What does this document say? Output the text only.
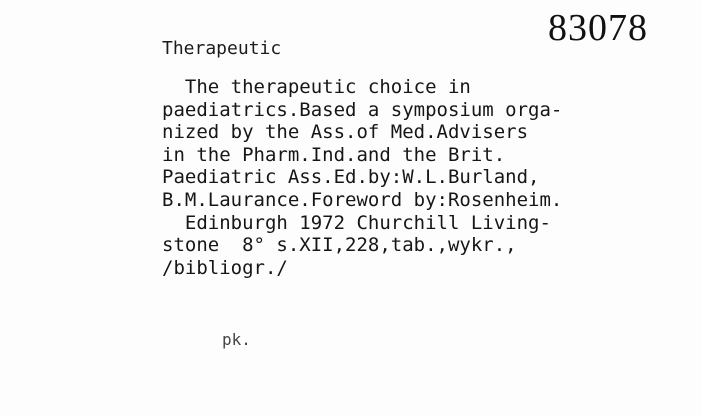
83078
Therapeutic
The therapeutic choice in
paediatrics.Based a symposium orga-
nized by the Ass.of Med.Advisers
in the Pharm.Ind.and the Brit.
Paediatric Ass.Ed.by:W.L.Burland,
B.M.Laurance.Foreword by:Rosenheim.
Edinburgh 1972 Churchill Living-
stone  8° s.XII,228,tab.,wykr.,
/bibliogr./
pk.
